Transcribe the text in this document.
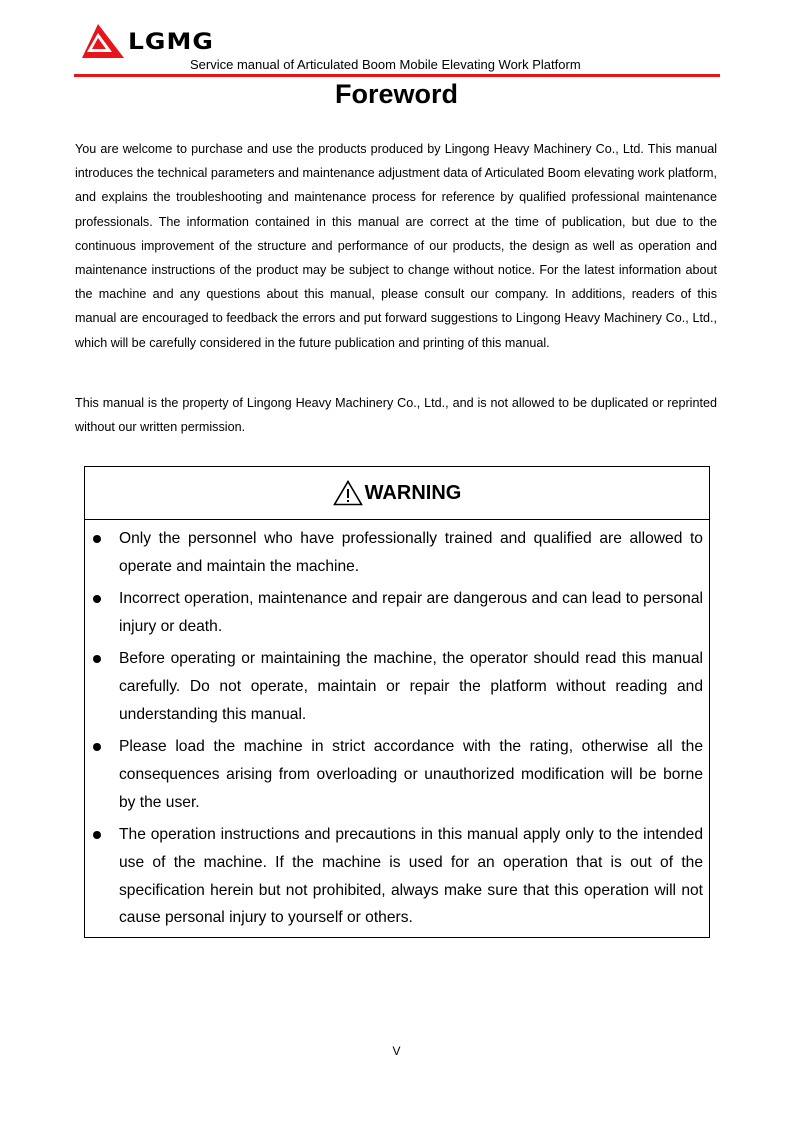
LGMG
Service manual of Articulated Boom Mobile Elevating Work Platform
Foreword

You are welcome to purchase and use the products produced by Lingong Heavy Machinery Co., Ltd. This manual introduces the technical parameters and maintenance adjustment data of Articulated Boom elevating work platform, and explains the troubleshooting and maintenance process for reference by qualified professional maintenance professionals. The information contained in this manual are correct at the time of publication, but due to the continuous improvement of the structure and performance of our products, the design as well as operation and maintenance instructions of the product may be subject to change without notice. For the latest information about the machine and any questions about this manual, please consult our company. In additions, readers of this manual are encouraged to feedback the errors and put forward suggestions to Lingong Heavy Machinery Co., Ltd., which will be carefully considered in the future publication and printing of this manual.

This manual is the property of Lingong Heavy Machinery Co., Ltd., and is not allowed to be duplicated or reprinted without our written permission.

WARNING
Only the personnel who have professionally trained and qualified are allowed to operate and maintain the machine.
Incorrect operation, maintenance and repair are dangerous and can lead to personal injury or death.
Before operating or maintaining the machine, the operator should read this manual carefully. Do not operate, maintain or repair the platform without reading and understanding this manual.
Please load the machine in strict accordance with the rating, otherwise all the consequences arising from overloading or unauthorized modification will be borne by the user.
The operation instructions and precautions in this manual apply only to the intended use of the machine. If the machine is used for an operation that is out of the specification herein but not prohibited, always make sure that this operation will not cause personal injury to yourself or others.
V
